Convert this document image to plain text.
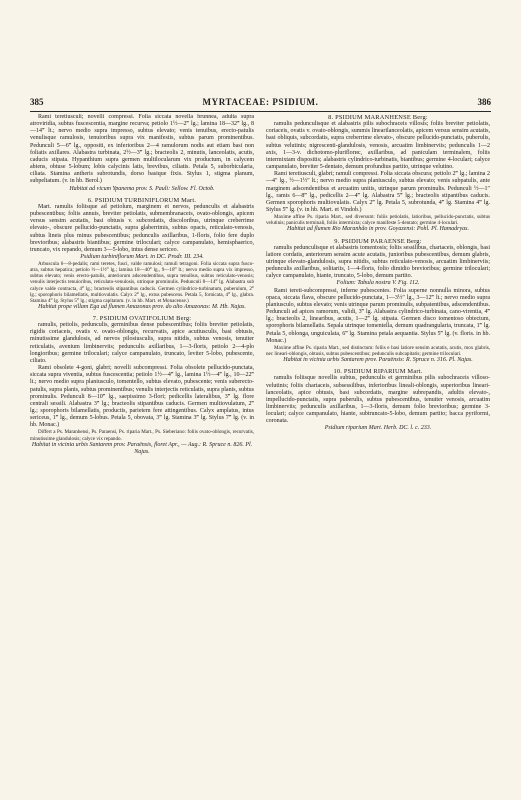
385	MYRTACEAE: PSIDIUM.	386

Rami teretiusculi; novelli compressi. Folia siccata novella brunnea, adulta supra atroviridia, subtus fuscescentia, margine recurva; petiolo 1½—2‴ lg.; lamina 18—32‴ lg., 8—14‴ lt.; nervo medio supra impresso, subtus elevato; venis tenuibus, erecto-patulis venulisque ramulosis, tenuioribus supra vix manifestis, subtus parum prominentibus. Pedunculi 5—6‴ lg., oppositi, ex inferioribus 2—4 ramulorum nodis aut etiam basi non foliatis axillares. Alabastra turbinata, 2½—3‴ lg.; bracteolis 2, minutis, lanceolatis, acutis, caducis stipata. Hypanthium supra germen multilocularum vix productum, in calycem abiens, obtuse 5-lobum; lobis calycinis latis, brevibus, ciliatis. Petala 5, suborbicularia, ciliata. Stamina antheris subrotundis, dorso basique fixis. Stylus 1, stigma planum, subpeltatum. (v. in hb. Berol.)

Habitat ad vicum Ypanema prov. S. Pauli: Sellow. Fl. Octob.

6. PSIDIUM TURBINIFLORUM Mart.

Mart. ramulis foliisque ad petiolum, marginem et nervos, pedunculis et alabastris pubescentibus; foliis annuis, breviter petiolatis, submembranaceis, ovato-oblongis, apicem versus sensim acutatis, basi obtusis v. subcordatis, discoloribus, utrinque creberrime elevato-, obscure pellucido-punctatis, supra glaberrimis, subtus opacis, reticulato-venosis, subtus lineis plus minus pubescentibus; pedunculis axillaribus, 1-floris, folio fere duplo brevioribus; alabastris biantibus; germine triloculari; calyce campanulato, hemisphaerico, truncato, vix repando, demum 3—5-lobo, intus dense sericeo.

Psidium turbiniflorum Mart. in DC. Prodr. III. 234.

Arbuscula 6—8-pedalis; rami teretes, fusci, valde ramulosi; ramuli tetragoni. Folia siccata supra fusco-atra, subtus hepatica; petiolo ½—1½‴ lg.; lamina 18—40‴ lg., 9—18‴ lt.; nervo medio supra vix impresso, subtus elevato; venis erecto-patulis, anteriorum adscendentibus, supra tenuibus, subtus reticulato-venosis; venulis interjectis tenuioribus, reticulato-venulosis, utrinque prominulis. Pedunculi 8—14‴ lg. Alabastra sub calyce valde contracta, 4‴ lg.; bracteolis stipantibus caducis. Germen cylindrico-turbinatum, puberulum, 2‴ lg.; sporophoris bilamellatis, multiovulatis. Calyx 2‴ lg., extus pubescens. Petala 5, fornicata, 4‴ lg., glabra. Stamina 4‴ lg. Stylus 5‴ lg.; stigma capitatum. (v. in hb. Mart. et Monacense.)

Habitat prope villam Ega ad flumen Amazonas prov. do alto Amazonas: M. Hb. Najas.

7. PSIDIUM OVATIFOLIUM Berg:

ramulis, petiolis, pedunculis, germinibus dense pubescentibus; foliis breviter petiolatis, rigidis coriaceis, ovatis v. ovato-oblongis, recurvatis, apice acutiusculis, basi obtusis, minutissime glandulosis, ad nervos pilosiusculis, supra nitidis, subtus venosis, tenuiter reticulatis, avenium limbinerviis; pedunculis axillaribus, 1—3-floris, petiolo 2—4-plo longioribus; germine triloculari; calyce campanulato, truncato, leviter 5-lobo, pubescente, ciliato.

Rami obsolete 4-goni, glabri; novelli subcompressi. Folia obsolete pellucido-punctata, siccata supra viventia, subtus fuscescentia; petiolo 1½—4‴ lg., lamina 1½—4‴ lg., 10—22‴ lt.; nervo medio supra planiusculo, tomentello, subtus elevato, pubescente; venis suberecto-patulis, supra planis, subtus prominentibus; venulis interjectis reticulatis, supra planis, subtus prominulis. Pedunculi 8—10‴ lg., saepissimo 3-flori; pedicellis lateralibus, 3‴ lg. flore centrali sessili. Alabastra 3‴ lg.; bracteolis stipantibus caducis. Germen multiovulatum, 2‴ lg.; sporophoris bilamellatis, productis, parietem fere attingentibus. Calyx amplatus, intus sericeus, 1‴ lg., demum 5-lobus. Petala 5, obovata, 3‴ lg. Stamina 3‴ lg. Stylus 7‴ lg. (v. in hb. Monac.)

Differt a Ps. Maranhensi, Ps. Paraensi, Ps. riparia Mart., Ps. Sieberiano: foliis ovato-oblongis, recurvatis, minutissime glandulosis; calyce vix repando.

Habitat in vicinia urbis Santarem prov. Paraënsis, floret Apr., — Aug.: R. Spruce n. 826. Pl. Najas.

8. PSIDIUM MARANHENSE Berg:

ramulis pedunculisque et alabastris pilis subochraceis villosis; foliis breviter petiolatis, coriaceis, ovatis v. ovato-oblongis, summis linearilanceolatis, apicem versus sensim acutatis, basi obliquis, subcordatis, supra creberrime elevato-, obscure pellucido-punctatis, puberulis, subtus velutinis; nigrescenti-glandulosis, venosis, arcuatim limbinerviis; pedunculis 1—2 axis, 1—3-v. dichotomo-pluriflorис, axillaribus, ad paniculam terminalem, foliis intermixtam dispositis; alabastris cylindrico-turbinatis, biantibus; germine 4-loculari; calyce campanulato, breviter 5-dentato, demum profundius partito, utrinque velutino.

Rami teretiusculi, glabri; ramuli compressi. Folia siccata obscura; petiolo 2‴ lg.; lamina 2—4″ lg., ½—1½″ lt.; nervo medio supra planiusculo, subtus elevato; venis subpatulis, ante marginem adscendentibus et arcuatim unitis, utrinque parum prominulis. Pedunculi ½—1″ lg., ramis 6—8‴ lg., pedicellis 2—4‴ lg. Alabastra 5‴ lg.; bracteolis stipantibus caducis. Germen sporophoris multiovulatis. Calyx 2‴ lg. Petala 5, subrotunda, 4‴ lg. Stamina 4‴ lg. Stylus 5‴ lg. (v. in hb. Mart. et Vindob.)

Maxime affine Ps. riparia Mart., sed diversum: foliis petiolatis, latioribus, pellucido-punctatis, subtus velutinis; paniculis terminali, foliis intermixta; calyce manifeste 5-dentato; germine 4-loculari.

Habitat ad flumen Rio Maranhão in prov. Goyazensi: Pohl. Pl. Hamadryas.

9. PSIDIUM PARAENSE Berg:

ramulis pedunculisque et alabastris tomentosis; foliis sessilibus, chartaceis, oblongis, basi latiore cordatis, anteriorum sensim acute acutatis, junioribus pubescentibus, demum glabris, utrinque elevato-glandulosis, supra nitidis, subtus reticulato-venosis, arcuatim limbinerviis; pedunculis axillaribus, solitariis, 1—4-floris, folio dimidio brevioribus; germine triloculari; calyce campanulato, hiante, truncato, 5-lobo, demum partito.

Folium: Tabula nostra V. Fig. 112.

Rami tereti-subcompressi, inferne pubescentes. Folia superne nonnulla minora, subtus opaca, siccata flava, obscure pellucido-punctata, 1—3½″ lg., 3—12‴ lt.; nervo medio supra planiusculo, subtus elevato; venis utrinque parum prominulis, subpatentibus, adscendentibus. Pedunculi ad apices ramorum, validi, 3‴ lg. Alabastra cylindrico-turbinata, cano-virentia, 4‴ lg.; bracteolis 2, linearibus, acutis, 1—2‴ lg. stipata. Germen disco tomentoso obtectum, sporophoris bilamellatis. Sepala utrinque tomentella, demum quadrangularia, truncata, 1‴ lg. Petala 5, oblonga, unguiculata, 6‴ lg. Stamina petala aequantia. Stylus 5‴ lg. (v. floris. in hb. Monac.)

Maxime affine Ps. riparia Mart., sed distinctum: foliis e basi latiore sensim acutatis, acutis, mox glabris, nec lineari-oblongis, obtusis, subtus pubescentibus; pedunculis subcapitatis; germine triloculari.

Habitat in vicinia urbis Santarem prov. Paraënsis: R. Spruce n. 316. Pl. Najas.

10. PSIDIUM RIPARIUM Mart.

ramulis foliisque novellis subtus, pedunculis et germinibus pilis subochraceis villoso-velutinis; foliis chartaceis, subsessilibus, inferioribus lineali-oblongis, superioribus lineari-lanceolatis, apice obtusis, basi subcordatis, margine subrepandis, adultis elevato-, impellucido-punctatis, supra puberulis, subtus pubescentibus, tenuiter venosis, arcuatim limbinerviis; pedunculis axillaribus, 1—3-floris, demum folio brevioribus; germine 3-loculari; calyce campanulato, hiante, subtruncato-5-lobo, demum partito; bacca pyriformi, coronata.

Psidium riparium Mart. Herb. DC. l. c. 233.
